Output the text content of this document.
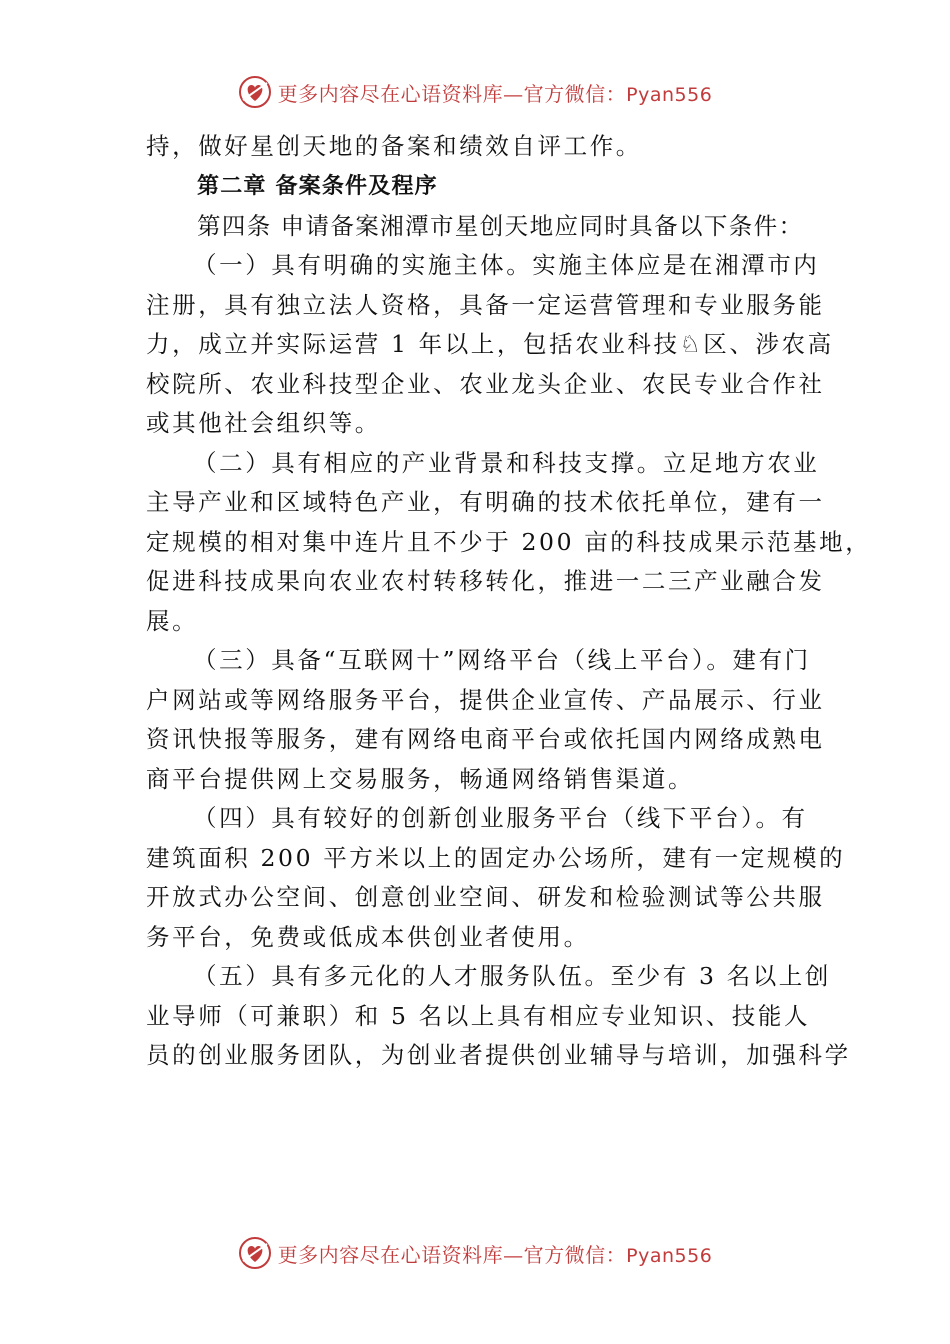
更多内容尽在心语资料库—官方微信：Pyan556
持，做好星创天地的备案和绩效自评工作。
第二章 备案条件及程序
第四条 申请备案湘潭市星创天地应同时具备以下条件：
（一）具有明确的实施主体。实施主体应是在湘潭市内
注册，具有独立法人资格，具备一定运营管理和专业服务能
力，成立并实际运营 1 年以上，包括农业科技♘区、涉农高
校院所、农业科技型企业、农业龙头企业、农民专业合作社
或其他社会组织等。
（二）具有相应的产业背景和科技支撑。立足地方农业
主导产业和区域特色产业，有明确的技术依托单位，建有一
定规模的相对集中连片且不少于 200 亩的科技成果示范基地，
促进科技成果向农业农村转移转化，推进一二三产业融合发
展。
（三）具备“互联网十”网络平台（线上平台）。建有门
户网站或等网络服务平台，提供企业宣传、产品展示、行业
资讯快报等服务，建有网络电商平台或依托国内网络成熟电
商平台提供网上交易服务，畅通网络销售渠道。
（四）具有较好的创新创业服务平台（线下平台）。有
建筑面积 200 平方米以上的固定办公场所，建有一定规模的
开放式办公空间、创意创业空间、研发和检验测试等公共服
务平台，免费或低成本供创业者使用。
（五）具有多元化的人才服务队伍。至少有 3 名以上创
业导师（可兼职）和 5 名以上具有相应专业知识、技能人
员的创业服务团队，为创业者提供创业辅导与培训，加强科学
更多内容尽在心语资料库—官方微信：Pyan556
